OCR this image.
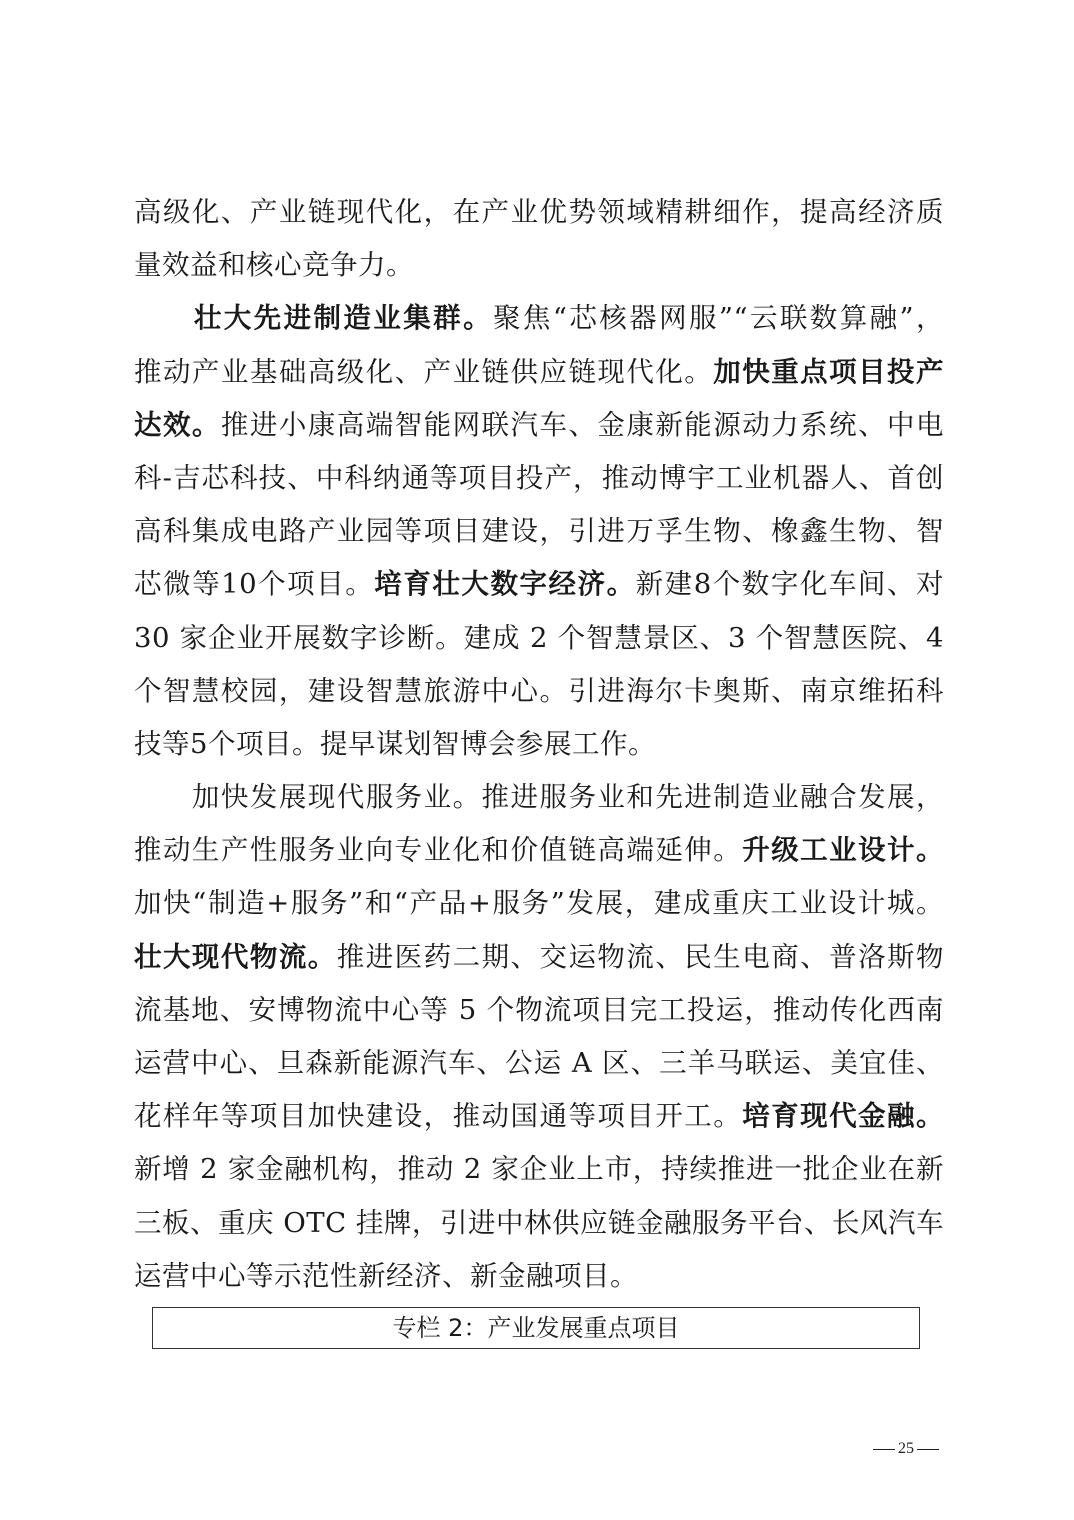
高级化、产业链现代化，在产业优势领域精耕细作，提高经济质
量效益和核心竞争力。
　　壮大先进制造业集群。聚焦“芯核器网服”“云联数算融”，
推动产业基础高级化、产业链供应链现代化。加快重点项目投产
达效。推进小康高端智能网联汽车、金康新能源动力系统、中电
科-吉芯科技、中科纳通等项目投产，推动博宇工业机器人、首创
高科集成电路产业园等项目建设，引进万孚生物、橡鑫生物、智
芯微等10个项目。培育壮大数字经济。新建8个数字化车间、对
30 家企业开展数字诊断。建成 2 个智慧景区、3 个智慧医院、4
个智慧校园，建设智慧旅游中心。引进海尔卡奥斯、南京维拓科
技等5个项目。提早谋划智博会参展工作。
　　加快发展现代服务业。推进服务业和先进制造业融合发展，
推动生产性服务业向专业化和价值链高端延伸。升级工业设计。
加快“制造+服务”和“产品+服务”发展，建成重庆工业设计城。
壮大现代物流。推进医药二期、交运物流、民生电商、普洛斯物
流基地、安博物流中心等 5 个物流项目完工投运，推动传化西南
运营中心、旦森新能源汽车、公运 A 区、三羊马联运、美宜佳、
花样年等项目加快建设，推动国通等项目开工。培育现代金融。
新增 2 家金融机构，推动 2 家企业上市，持续推进一批企业在新
三板、重庆 OTC 挂牌，引进中林供应链金融服务平台、长风汽车
运营中心等示范性新经济、新金融项目。
专栏 2：产业发展重点项目
25
